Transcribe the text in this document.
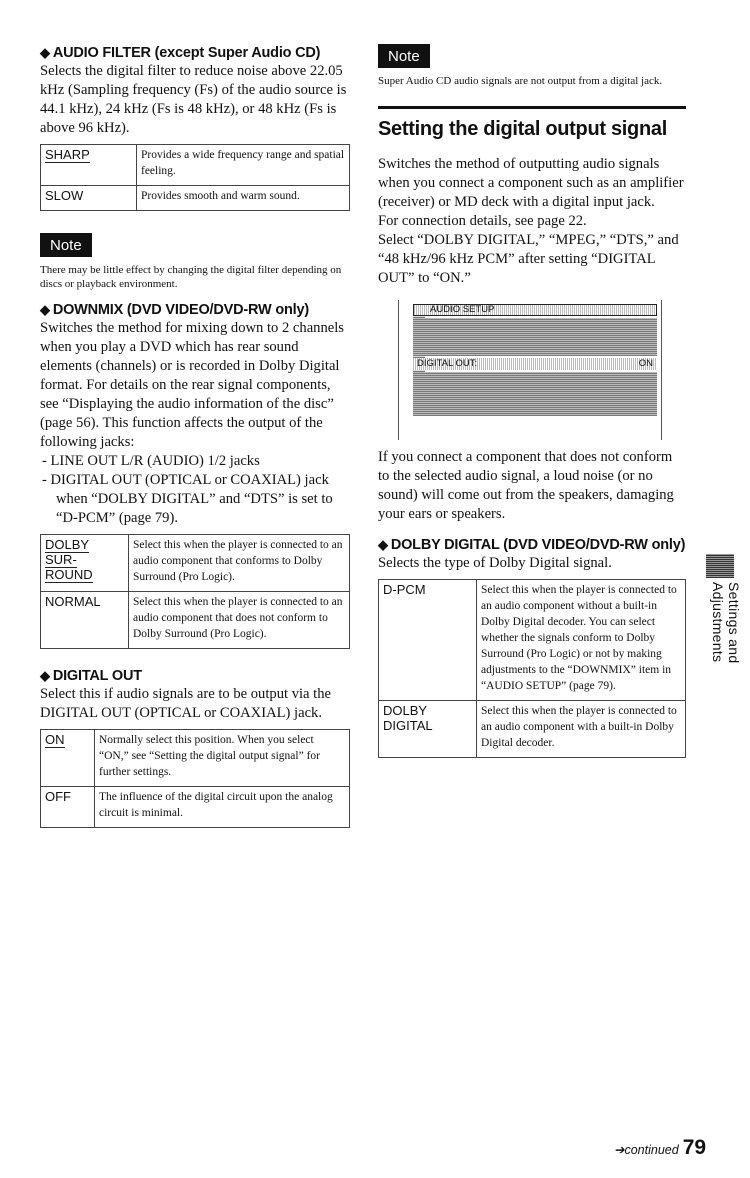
◆ AUDIO FILTER (except Super Audio CD)

Selects the digital filter to reduce noise above 22.05 kHz (Sampling frequency (Fs) of the audio source is 44.1 kHz), 24 kHz (Fs is 48 kHz), or 48 kHz (Fs is above 96 kHz).

SHARP	Provides a wide frequency range and spatial feeling.
SLOW	Provides smooth and warm sound.
Note

There may be little effect by changing the digital filter depending on discs or playback environment.

◆ DOWNMIX (DVD VIDEO/DVD-RW only)

Switches the method for mixing down to 2 channels when you play a DVD which has rear sound elements (channels) or is recorded in Dolby Digital format. For details on the rear signal components, see “Displaying the audio information of the disc” (page 56). This function affects the output of the following jacks:

- LINE OUT L/R (AUDIO) 1/2 jacks

- DIGITAL OUT (OPTICAL or COAXIAL) jack when “DOLBY DIGITAL” and “DTS” is set to “D-PCM” (page 79).

DOLBY SUR-ROUND	Select this when the player is connected to an audio component that conforms to Dolby Surround (Pro Logic).
NORMAL	Select this when the player is connected to an audio component that does not conform to Dolby Surround (Pro Logic).
◆ DIGITAL OUT

Select this if audio signals are to be output via the DIGITAL OUT (OPTICAL or COAXIAL) jack.

ON	Normally select this position. When you select “ON,” see “Setting the digital output signal” for further settings.
OFF	The influence of the digital circuit upon the analog circuit is minimal.
Note

Super Audio CD audio signals are not output from a digital jack.

Setting the digital output signal

Switches the method of outputting audio signals when you connect a component such as an amplifier (receiver) or MD deck with a digital input jack.

For connection details, see page 22.

Select “DOLBY DIGITAL,” “MPEG,” “DTS,” and “48 kHz/96 kHz PCM” after setting “DIGITAL OUT” to “ON.”

AUDIO SETUP
DIGITAL OUT:	ON

If you connect a component that does not conform to the selected audio signal, a loud noise (or no sound) will come out from the speakers, damaging your ears or speakers.

◆ DOLBY DIGITAL (DVD VIDEO/DVD-RW only)

Selects the type of Dolby Digital signal.

D-PCM	Select this when the player is connected to an audio component without a built-in Dolby Digital decoder. You can select whether the signals conform to Dolby Surround (Pro Logic) or not by making adjustments to the “DOWNMIX” item in “AUDIO SETUP” (page 79).
DOLBY DIGITAL	Select this when the player is connected to an audio component with a built-in Dolby Digital decoder.
Settings and Adjustments
➔continued 79
